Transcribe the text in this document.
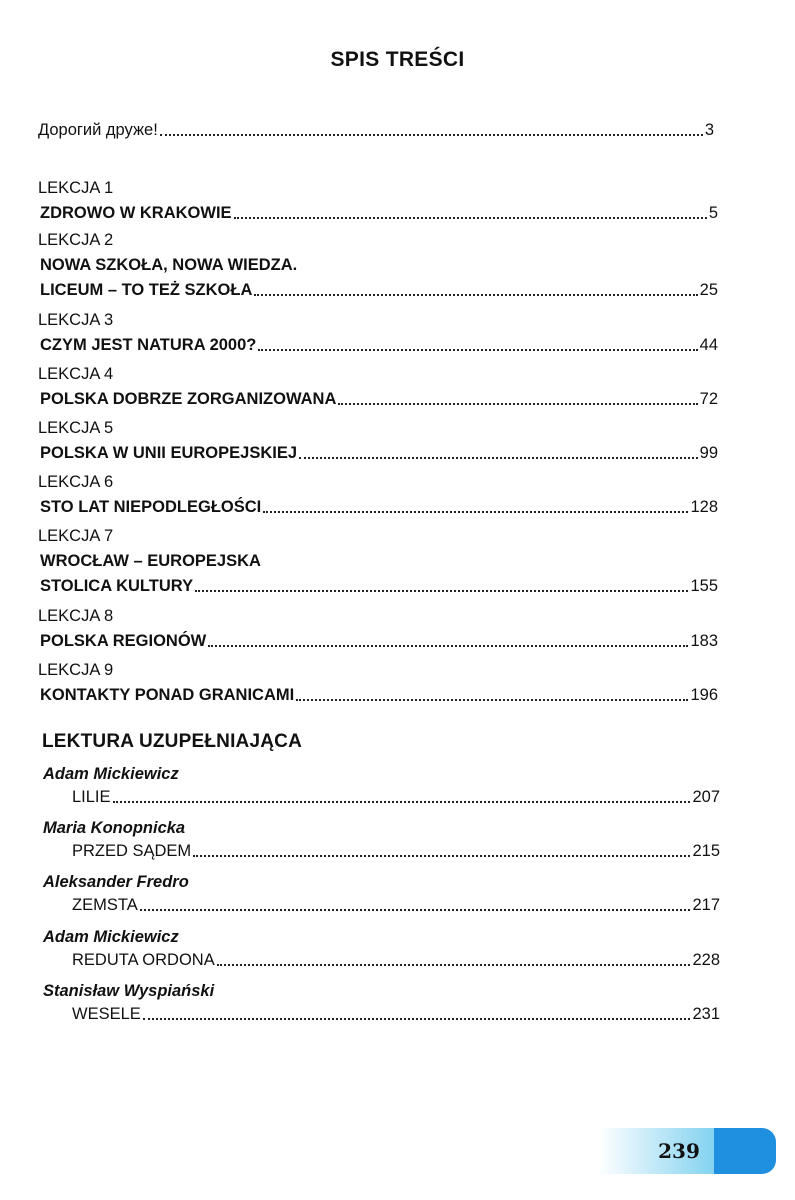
SPIS TREŚCI
Дорогий друже!	3
LEKCJA 1
ZDROWO W KRAKOWIE	5
LEKCJA 2
NOWA SZKOŁA, NOWA WIEDZA.
LICEUM – TO TEŻ SZKOŁA	25
LEKCJA 3
CZYM JEST NATURA 2000?	44
LEKCJA 4
POLSKA DOBRZE ZORGANIZOWANA	72
LEKCJA 5
POLSKA W UNII EUROPEJSKIEJ	99
LEKCJA 6
STO LAT NIEPODLEGŁOŚCI	128
LEKCJA 7
WROCŁAW – EUROPEJSKA
STOLICA KULTURY	155
LEKCJA 8
POLSKA REGIONÓW	183
LEKCJA 9
KONTAKTY PONAD GRANICAMI	196
Adam Mickiewicz
LILIE	207
Maria Konopnicka
PRZED SĄDEM	215
Aleksander Fredro
ZEMSTA	217
Adam Mickiewicz
REDUTA ORDONA	228
Stanisław Wyspiański
WESELE	231
LEKTURA UZUPEŁNIAJĄCA
239
